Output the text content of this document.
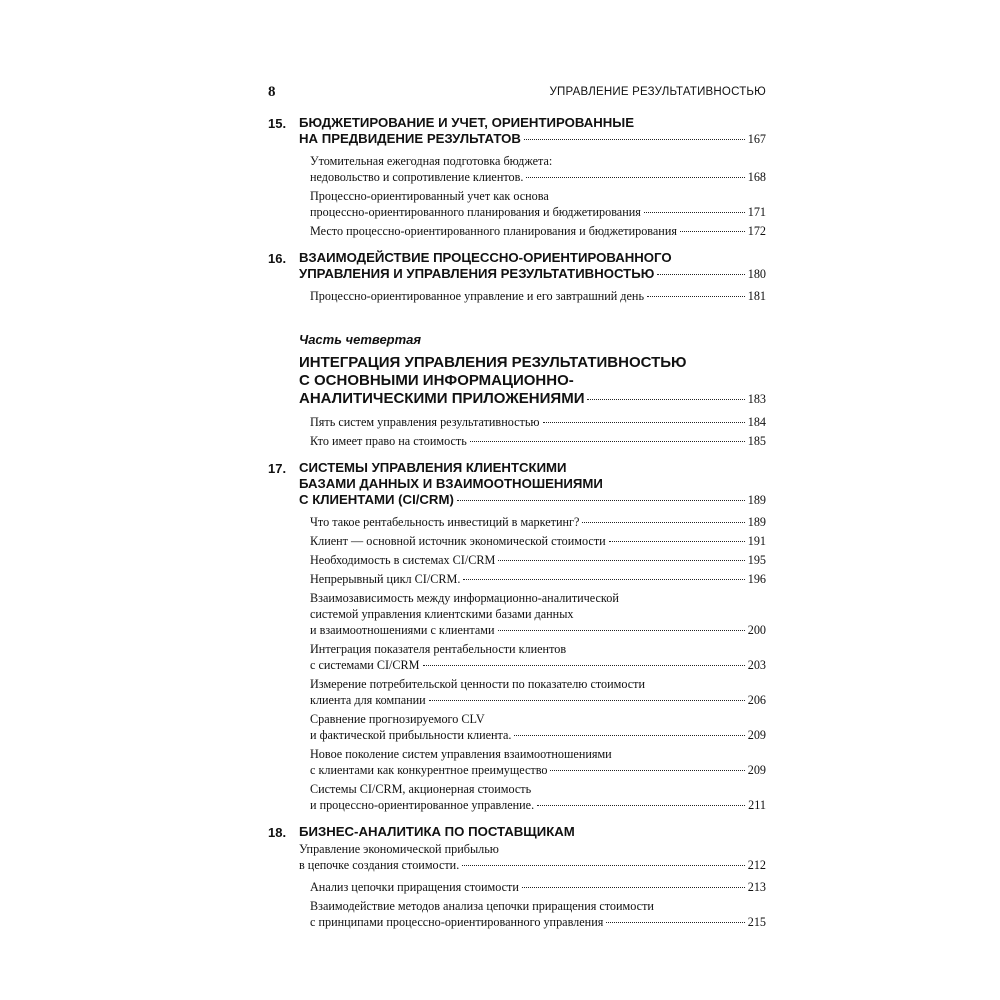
8	УПРАВЛЕНИЕ РЕЗУЛЬТАТИВНОСТЬЮ
15. БЮДЖЕТИРОВАНИЕ И УЧЕТ, ОРИЕНТИРОВАННЫЕ
НА ПРЕДВИДЕНИЕ РЕЗУЛЬТАТОВ	167
Утомительная ежегодная подготовка бюджета:
недовольство и сопротивление клиентов.	168
Процессно-ориентированный учет как основа
процессно-ориентированного планирования и бюджетирования	171
Место процессно-ориентированного планирования и бюджетирования	172
16. ВЗАИМОДЕЙСТВИЕ ПРОЦЕССНО-ОРИЕНТИРОВАННОГО
УПРАВЛЕНИЯ И УПРАВЛЕНИЯ РЕЗУЛЬТАТИВНОСТЬЮ	180
Процессно-ориентированное управление и его завтрашний день	181
Часть четвертая
ИНТЕГРАЦИЯ УПРАВЛЕНИЯ РЕЗУЛЬТАТИВНОСТЬЮ
С ОСНОВНЫМИ ИНФОРМАЦИОННО-
АНАЛИТИЧЕСКИМИ ПРИЛОЖЕНИЯМИ	183
Пять систем управления результативностью	184
Кто имеет право на стоимость	185
17. СИСТЕМЫ УПРАВЛЕНИЯ КЛИЕНТСКИМИ
БАЗАМИ ДАННЫХ И ВЗАИМООТНОШЕНИЯМИ
С КЛИЕНТАМИ (CI/CRM)	189
Что такое рентабельность инвестиций в маркетинг?	189
Клиент — основной источник экономической стоимости	191
Необходимость в системах CI/CRM	195
Непрерывный цикл CI/CRM.	196
Взаимозависимость между информационно-аналитической
системой управления клиентскими базами данных
и взаимоотношениями с клиентами	200
Интеграция показателя рентабельности клиентов
с системами CI/CRM	203
Измерение потребительской ценности по показателю стоимости
клиента для компании	206
Сравнение прогнозируемого CLV
и фактической прибыльности клиента.	209
Новое поколение систем управления взаимоотношениями
с клиентами как конкурентное преимущество	209
Системы CI/CRM, акционерная стоимость
и процессно-ориентированное управление.	211
18. БИЗНЕС-АНАЛИТИКА ПО ПОСТАВЩИКАМ
Управление экономической прибылью
в цепочке создания стоимости.	212
Анализ цепочки приращения стоимости	213
Взаимодействие методов анализа цепочки приращения стоимости
с принципами процессно-ориентированного управления	215
